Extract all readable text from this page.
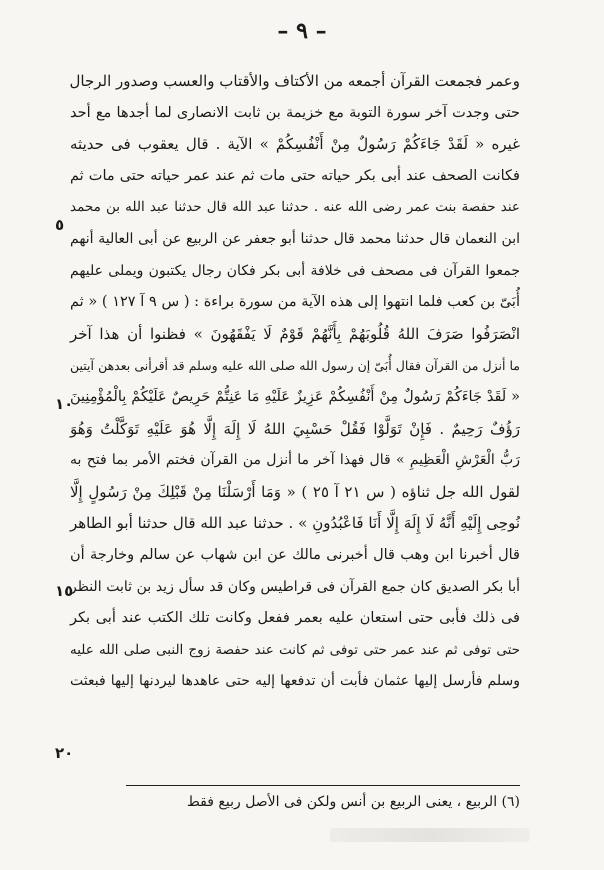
– ٩ –
وعمر فجمعت القرآن أجمعه من الأكتاف والأقتاب والعسب وصدور الرجال
حتى وجدت آخر سورة التوبة مع خزيمة بن ثابت الانصارى لما أجدها مع أحد
غيره « لَقَدْ جَاءَكُمْ رَسُولٌ مِنْ أَنْفُسِكُمْ » الآية . قال يعقوب فى حديثه
فكانت الصحف عند أبى بكر حياته حتى مات ثم عند عمر حياته حتى مات ثم
عند حفصة بنت عمر رضى الله عنه . حدثنا عبد الله قال حدثنا عبد الله بن محمد
ابن النعمان قال حدثنا محمد قال حدثنا أبو جعفر عن الربيع عن أبى العالية أنهم
جمعوا القرآن فى مصحف فى خلافة أبى بكر فكان رجال يكتبون ويملى عليهم
أُبَىّ بن كعب فلما انتهوا إلى هذه الآية من سورة براءة : ( س ٩ آ ١٢٧ ) « ثم
انْصَرَفُوا صَرَفَ اللهُ قُلُوبَهُمْ بِأَنَّهُمْ قَوْمٌ لَا يَفْقَهُونَ » فظنوا أن هذا آخر
ما أنزل من القرآن فقال أُبَىّ إن رسول الله صلى الله عليه وسلم قد أقرأنى بعدهن آيتين
« لَقَدْ جَاءَكُمْ رَسُولٌ مِنْ أَنْفُسِكُمْ عَزِيزٌ عَلَيْهِ مَا عَنِتُّمْ حَرِيصٌ عَلَيْكُمْ بِالْمُؤْمِنِينَ
رَؤُفٌ رَحِيمٌ . فَإِنْ تَوَلَّوْا فَقُلْ حَسْبِيَ اللهُ لَا إِلَهَ إِلَّا هُوَ عَلَيْهِ تَوَكَّلْتُ وَهُوَ
رَبُّ الْعَرْشِ الْعَظِيمِ » قال فهذا آخر ما أنزل من القرآن فختم الأمر بما فتح به
لقول الله جل ثناؤه ( س ٢١ آ ٢٥ ) « وَمَا أَرْسَلْنَا مِنْ قَبْلِكَ مِنْ رَسُولٍ إِلَّا
نُوحِى إِلَيْهِ أَنَّهُ لَا إِلَهَ إِلَّا أَنَا فَاعْبُدُونِ » . حدثنا عبد الله قال حدثنا أبو الطاهر
قال أخبرنا ابن وهب قال أخبرنى مالك عن ابن شهاب عن سالم وخارجة أن
أبا بكر الصديق كان جمع القرآن فى قراطيس وكان قد سأل زيد بن ثابت النظر
فى ذلك فأبى حتى استعان عليه بعمر ففعل وكانت تلك الكتب عند أبى بكر
حتى توفى ثم عند عمر حتى توفى ثم كانت عند حفصة زوج النبى صلى الله عليه
وسلم فأرسل إليها عثمان فأبت أن تدفعها إليه حتى عاهدها ليردنها إليها فبعثت
٥
١٠
١٥
٢٠
(٦) الربيع ، يعنى الربيع بن أنس ولكن فى الأصل ربيع فقط
